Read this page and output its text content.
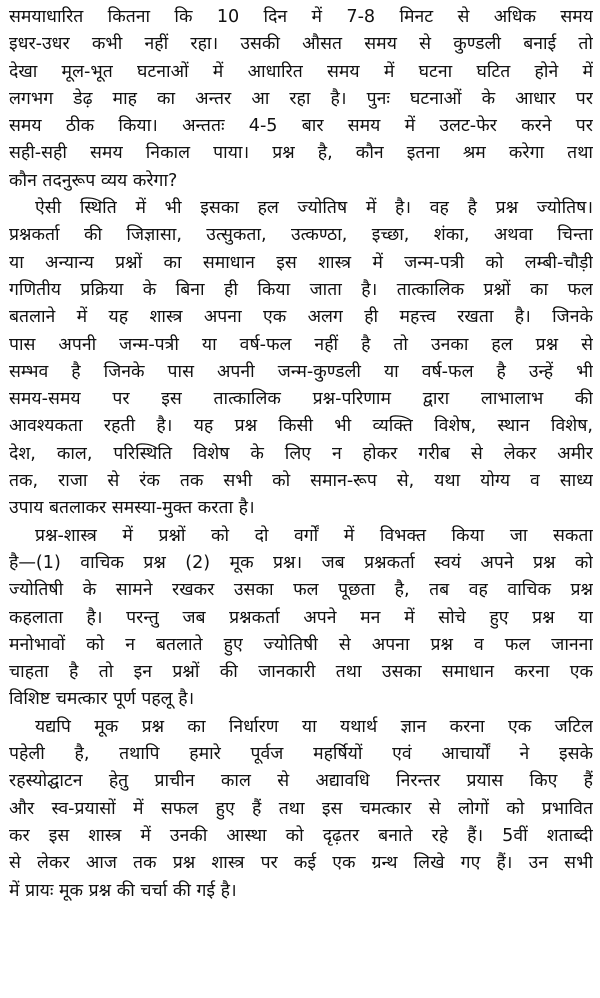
समयाधारित कितना कि 10 दिन में 7-8 मिनट से अधिक समय
इधर-उधर कभी नहीं रहा। उसकी औसत समय से कुण्डली बनाई तो
देखा मूल-भूत घटनाओं में आधारित समय में घटना घटित होने में
लगभग डेढ़ माह का अन्तर आ रहा है। पुनः घटनाओं के आधार पर
समय ठीक किया। अन्ततः 4-5 बार समय में उलट-फेर करने पर
सही-सही समय निकाल पाया। प्रश्न है, कौन इतना श्रम करेगा तथा
कौन तदनुरूप व्यय करेगा?
ऐसी स्थिति में भी इसका हल ज्योतिष में है। वह है प्रश्न ज्योतिष।
प्रश्नकर्ता की जिज्ञासा, उत्सुकता, उत्कण्ठा, इच्छा, शंका, अथवा चिन्ता
या अन्यान्य प्रश्नों का समाधान इस शास्त्र में जन्म-पत्री को लम्बी-चौड़ी
गणितीय प्रक्रिया के बिना ही किया जाता है। तात्कालिक प्रश्नों का फल
बतलाने में यह शास्त्र अपना एक अलग ही महत्त्व रखता है। जिनके
पास अपनी जन्म-पत्री या वर्ष-फल नहीं है तो उनका हल प्रश्न से
सम्भव है जिनके पास अपनी जन्म-कुण्डली या वर्ष-फल है उन्हें भी
समय-समय पर इस तात्कालिक प्रश्न-परिणाम द्वारा लाभालाभ की
आवश्यकता रहती है। यह प्रश्न किसी भी व्यक्ति विशेष, स्थान विशेष,
देश, काल, परिस्थिति विशेष के लिए न होकर गरीब से लेकर अमीर
तक, राजा से रंक तक सभी को समान-रूप से, यथा योग्य व साध्य
उपाय बतलाकर समस्या-मुक्त करता है।
प्रश्न-शास्त्र में प्रश्नों को दो वर्गों में विभक्त किया जा सकता
है—(1) वाचिक प्रश्न (2) मूक प्रश्न। जब प्रश्नकर्ता स्वयं अपने प्रश्न को
ज्योतिषी के सामने रखकर उसका फल पूछता है, तब वह वाचिक प्रश्न
कहलाता है। परन्तु जब प्रश्नकर्ता अपने मन में सोचे हुए प्रश्न या
मनोभावों को न बतलाते हुए ज्योतिषी से अपना प्रश्न व फल जानना
चाहता है तो इन प्रश्नों की जानकारी तथा उसका समाधान करना एक
विशिष्ट चमत्कार पूर्ण पहलू है।
यद्यपि मूक प्रश्न का निर्धारण या यथार्थ ज्ञान करना एक जटिल
पहेली है, तथापि हमारे पूर्वज महर्षियों एवं आचार्यों ने इसके
रहस्योद्घाटन हेतु प्राचीन काल से अद्यावधि निरन्तर प्रयास किए हैं
और स्व-प्रयासों में सफल हुए हैं तथा इस चमत्कार से लोगों को प्रभावित
कर इस शास्त्र में उनकी आस्था को दृढ़तर बनाते रहे हैं। 5वीं शताब्दी
से लेकर आज तक प्रश्न शास्त्र पर कई एक ग्रन्थ लिखे गए हैं। उन सभी
में प्रायः मूक प्रश्न की चर्चा की गई है।
